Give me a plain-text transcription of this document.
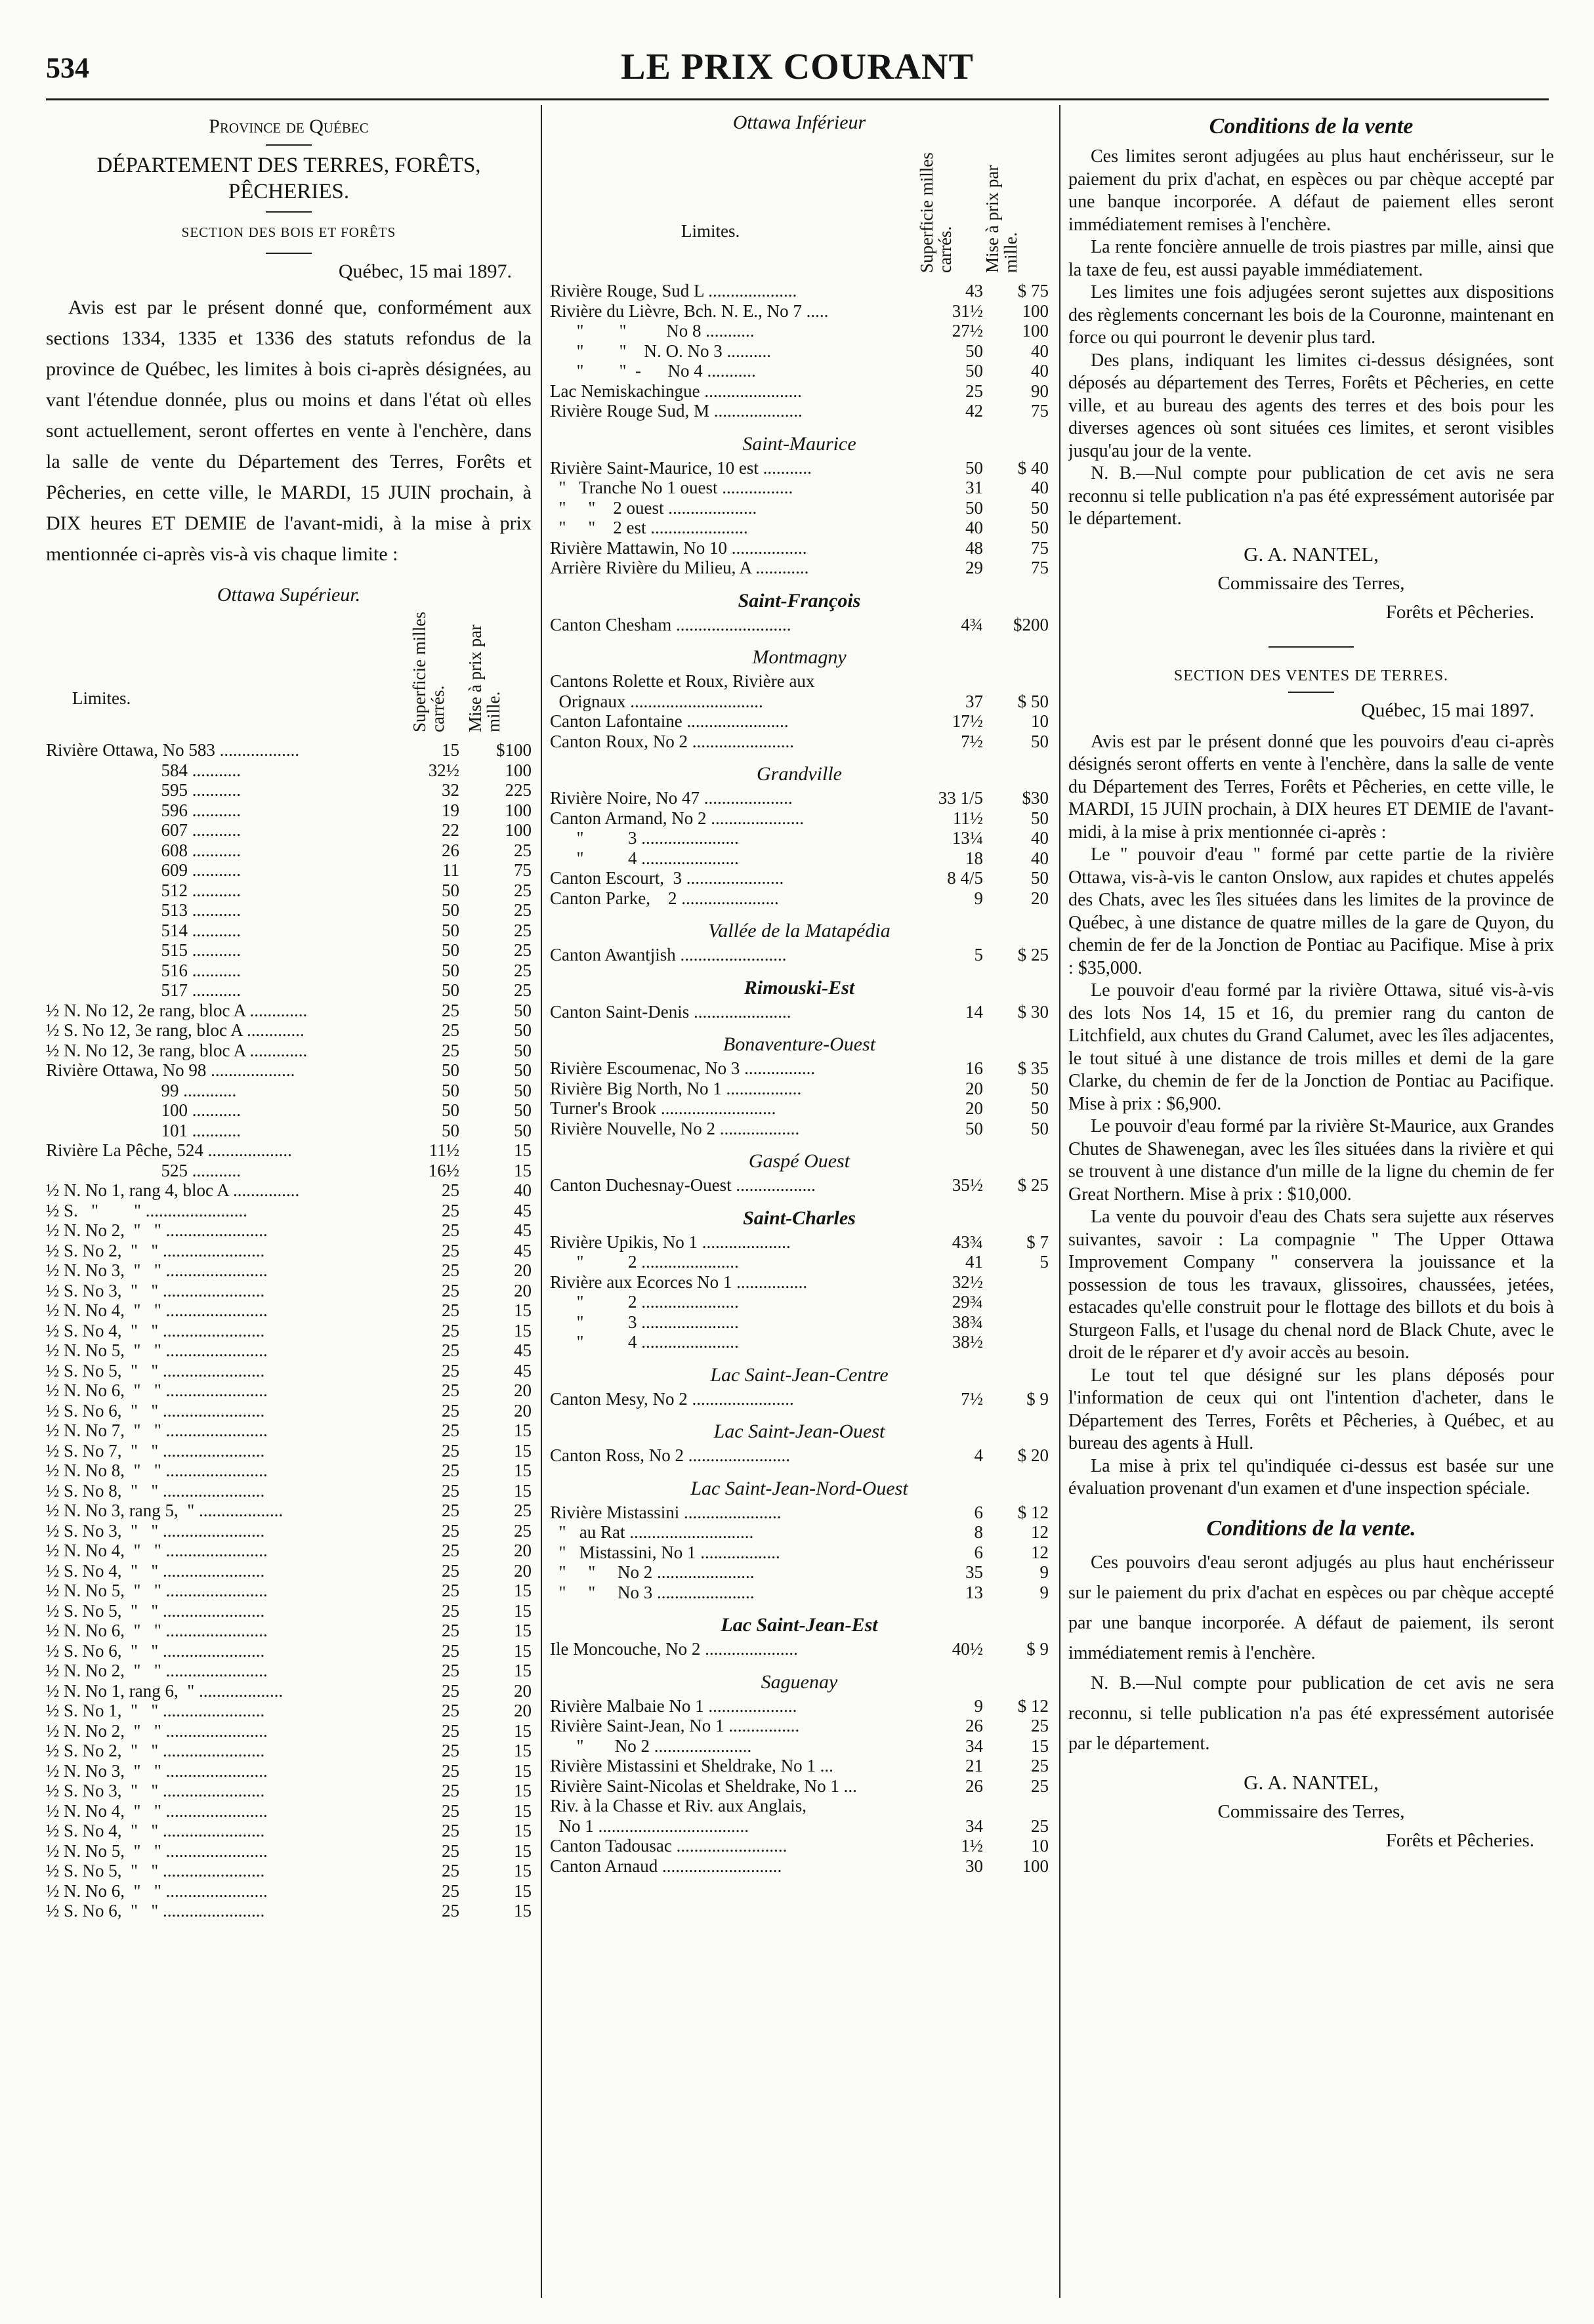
534	LE PRIX COURANT
Province de Québec
DÉPARTEMENT DES TERRES, FORÊTS, PÊCHERIES.
SECTION DES BOIS ET FORÊTS
Québec, 15 mai 1897.

Avis est par le présent donné que, conformément aux sections 1334, 1335 et 1336 des statuts refondus de la province de Québec, les limites à bois ci-après désignées, au vant l'étendue donnée, plus ou moins et dans l'état où elles sont actuellement, seront offertes en vente à l'enchère, dans la salle de vente du Département des Terres, Forêts et Pêcheries, en cette ville, le MARDI, 15 JUIN prochain, à DIX heures ET DEMIE de l'avant-midi, à la mise à prix mentionnée ci-après vis-à vis chaque limite :

Ottawa Supérieur.
Limites.	Superficie milles carrés. Mise à prix par mille.
Rivière Ottawa, No 583 ..................	15	$100
584 ...........	32½	100
595 ...........	32	225
596 ...........	19	100
607 ...........	22	100
608 ...........	26	25
609 ...........	11	75
512 ...........	50	25
513 ...........	50	25
514 ...........	50	25
515 ...........	50	25
516 ...........	50	25
517 ...........	50	25
½ N. No 12, 2e rang, bloc A .............	25	50
½ S. No 12, 3e rang, bloc A .............	25	50
½ N. No 12, 3e rang, bloc A .............	25	50
Rivière Ottawa, No 98 ...................	50	50
99 ............	50	50
100 ...........	50	50
101 ...........	50	50
Rivière La Pêche, 524 ...................	11½	15
525 ...........	16½	15
½ N. No 1, rang 4, bloc A ...............	25	40
½ S.   "        " .......................	25	45
½ N. No 2,  "   " .......................	25	45
½ S. No 2,  "   " .......................	25	45
½ N. No 3,  "   " .......................	25	20
½ S. No 3,  "   " .......................	25	20
½ N. No 4,  "   " .......................	25	15
½ S. No 4,  "   " .......................	25	15
½ N. No 5,  "   " .......................	25	45
½ S. No 5,  "   " .......................	25	45
½ N. No 6,  "   " .......................	25	20
½ S. No 6,  "   " .......................	25	20
½ N. No 7,  "   " .......................	25	15
½ S. No 7,  "   " .......................	25	15
½ N. No 8,  "   " .......................	25	15
½ S. No 8,  "   " .......................	25	15
½ N. No 3, rang 5,  " ...................	25	25
½ S. No 3,  "   " .......................	25	25
½ N. No 4,  "   " .......................	25	20
½ S. No 4,  "   " .......................	25	20
½ N. No 5,  "   " .......................	25	15
½ S. No 5,  "   " .......................	25	15
½ N. No 6,  "   " .......................	25	15
½ S. No 6,  "   " .......................	25	15
½ N. No 2,  "   " .......................	25	15
½ N. No 1, rang 6,  " ...................	25	20
½ S. No 1,  "   " .......................	25	20
½ N. No 2,  "   " .......................	25	15
½ S. No 2,  "   " .......................	25	15
½ N. No 3,  "   " .......................	25	15
½ S. No 3,  "   " .......................	25	15
½ N. No 4,  "   " .......................	25	15
½ S. No 4,  "   " .......................	25	15
½ N. No 5,  "   " .......................	25	15
½ S. No 5,  "   " .......................	25	15
½ N. No 6,  "   " .......................	25	15
½ S. No 6,  "   " .......................	25	15
Ottawa Inférieur
Limites.	Superficie milles carrés. Mise à prix par mille.
Rivière Rouge, Sud L ....................	43	$ 75
Rivière du Lièvre, Bch. N. E., No 7 .....	31½	100
"        "         No 8 ...........	27½	100
"        "    N. O. No 3 ..........	50	40
"        "  -      No 4 ...........	50	40
Lac Nemiskachingue ......................	25	90
Rivière Rouge Sud, M ....................	42	75
Saint-Maurice
Rivière Saint-Maurice, 10 est ...........	50	$ 40
"   Tranche No 1 ouest ................	31	40
"     "    2 ouest ....................	50	50
"     "    2 est ......................	40	50
Rivière Mattawin, No 10 .................	48	75
Arrière Rivière du Milieu, A ............	29	75
Saint-François
Canton Chesham ..........................	4¾	$200
Montmagny
Cantons Rolette et Roux, Rivière aux		
Orignaux ..............................	37	$ 50
Canton Lafontaine .......................	17½	10
Canton Roux, No 2 .......................	7½	50
Grandville
Rivière Noire, No 47 ....................	33 1/5	$30
Canton Armand, No 2 .....................	11½	50
"          3 ......................	13¼	40
"          4 ......................	18	40
Canton Escourt,  3 ......................	8 4/5	50
Canton Parke,    2 ......................	9	20
Vallée de la Matapédia
Canton Awantjish ........................	5	$ 25
Rimouski-Est
Canton Saint-Denis ......................	14	$ 30
Bonaventure-Ouest
Rivière Escoumenac, No 3 ................	16	$ 35
Rivière Big North, No 1 .................	20	50
Turner's Brook ..........................	20	50
Rivière Nouvelle, No 2 ..................	50	50
Gaspé Ouest
Canton Duchesnay-Ouest ..................	35½	$ 25
Saint-Charles
Rivière Upikis, No 1 ....................	43¾	$ 7
"          2 ......................	41	5
Rivière aux Ecorces No 1 ................	32½	
"          2 ......................	29¾	
"          3 ......................	38¾	
"          4 ......................	38½	
Lac Saint-Jean-Centre
Canton Mesy, No 2 .......................	7½	$ 9
Lac Saint-Jean-Ouest
Canton Ross, No 2 .......................	4	$ 20
Lac Saint-Jean-Nord-Ouest
Rivière Mistassini ......................	6	$ 12
"   au Rat ............................	8	12
"   Mistassini, No 1 ..................	6	12
"     "     No 2 ......................	35	9
"     "     No 3 ......................	13	9
Lac Saint-Jean-Est
Ile Moncouche, No 2 .....................	40½	$ 9
Saguenay
Rivière Malbaie No 1 ....................	9	$ 12
Rivière Saint-Jean, No 1 ................	26	25
"       No 2 ......................	34	15
Rivière Mistassini et Sheldrake, No 1 ...	21	25
Rivière Saint-Nicolas et Sheldrake, No 1 ...	26	25
Riv. à la Chasse et Riv. aux Anglais,		
No 1 ..................................	34	25
Canton Tadousac .........................	1½	10
Canton Arnaud ...........................	30	100
Conditions de la vente

Ces limites seront adjugées au plus haut enchérisseur, sur le paiement du prix d'achat, en espèces ou par chèque accepté par une banque incorporée. A défaut de paiement elles seront immédiatement remises à l'enchère.

La rente foncière annuelle de trois piastres par mille, ainsi que la taxe de feu, est aussi payable immédiatement.

Les limites une fois adjugées seront sujettes aux dispositions des règlements concernant les bois de la Couronne, maintenant en force ou qui pourront le devenir plus tard.

Des plans, indiquant les limites ci-dessus désignées, sont déposés au département des Terres, Forêts et Pêcheries, en cette ville, et au bureau des agents des terres et des bois pour les diverses agences où sont situées ces limites, et seront visibles jusqu'au jour de la vente.

N. B.—Nul compte pour publication de cet avis ne sera reconnu si telle publication n'a pas été expressément autorisée par le département.

G. A. NANTEL,
Commissaire des Terres,
Forêts et Pêcheries.
SECTION DES VENTES DE TERRES.
Québec, 15 mai 1897.

Avis est par le présent donné que les pouvoirs d'eau ci-après désignés seront offerts en vente à l'enchère, dans la salle de vente du Département des Terres, Forêts et Pêcheries, en cette ville, le MARDI, 15 JUIN prochain, à DIX heures ET DEMIE de l'avant-midi, à la mise à prix mentionnée ci-après :

Le " pouvoir d'eau " formé par cette partie de la rivière Ottawa, vis-à-vis le canton Onslow, aux rapides et chutes appelés des Chats, avec les îles situées dans les limites de la province de Québec, à une distance de quatre milles de la gare de Quyon, du chemin de fer de la Jonction de Pontiac au Pacifique. Mise à prix : $35,000.

Le pouvoir d'eau formé par la rivière Ottawa, situé vis-à-vis des lots Nos 14, 15 et 16, du premier rang du canton de Litchfield, aux chutes du Grand Calumet, avec les îles adjacentes, le tout situé à une distance de trois milles et demi de la gare Clarke, du chemin de fer de la Jonction de Pontiac au Pacifique. Mise à prix : $6,900.

Le pouvoir d'eau formé par la rivière St-Maurice, aux Grandes Chutes de Shawenegan, avec les îles situées dans la rivière et qui se trouvent à une distance d'un mille de la ligne du chemin de fer Great Northern. Mise à prix : $10,000.

La vente du pouvoir d'eau des Chats sera sujette aux réserves suivantes, savoir : La compagnie " The Upper Ottawa Improvement Company " conservera la jouissance et la possession de tous les travaux, glissoires, chaussées, jetées, estacades qu'elle construit pour le flottage des billots et du bois à Sturgeon Falls, et l'usage du chenal nord de Black Chute, avec le droit de le réparer et d'y avoir accès au besoin.

Le tout tel que désigné sur les plans déposés pour l'information de ceux qui ont l'intention d'acheter, dans le Département des Terres, Forêts et Pêcheries, à Québec, et au bureau des agents à Hull.

La mise à prix tel qu'indiquée ci-dessus est basée sur une évaluation provenant d'un examen et d'une inspection spéciale.

Conditions de la vente.

Ces pouvoirs d'eau seront adjugés au plus haut enchérisseur sur le paiement du prix d'achat en espèces ou par chèque accepté par une banque incorporée. A défaut de paiement, ils seront immédiatement remis à l'enchère.

N. B.—Nul compte pour publication de cet avis ne sera reconnu, si telle publication n'a pas été expressément autorisée par le département.

G. A. NANTEL,
Commissaire des Terres,
Forêts et Pêcheries.
